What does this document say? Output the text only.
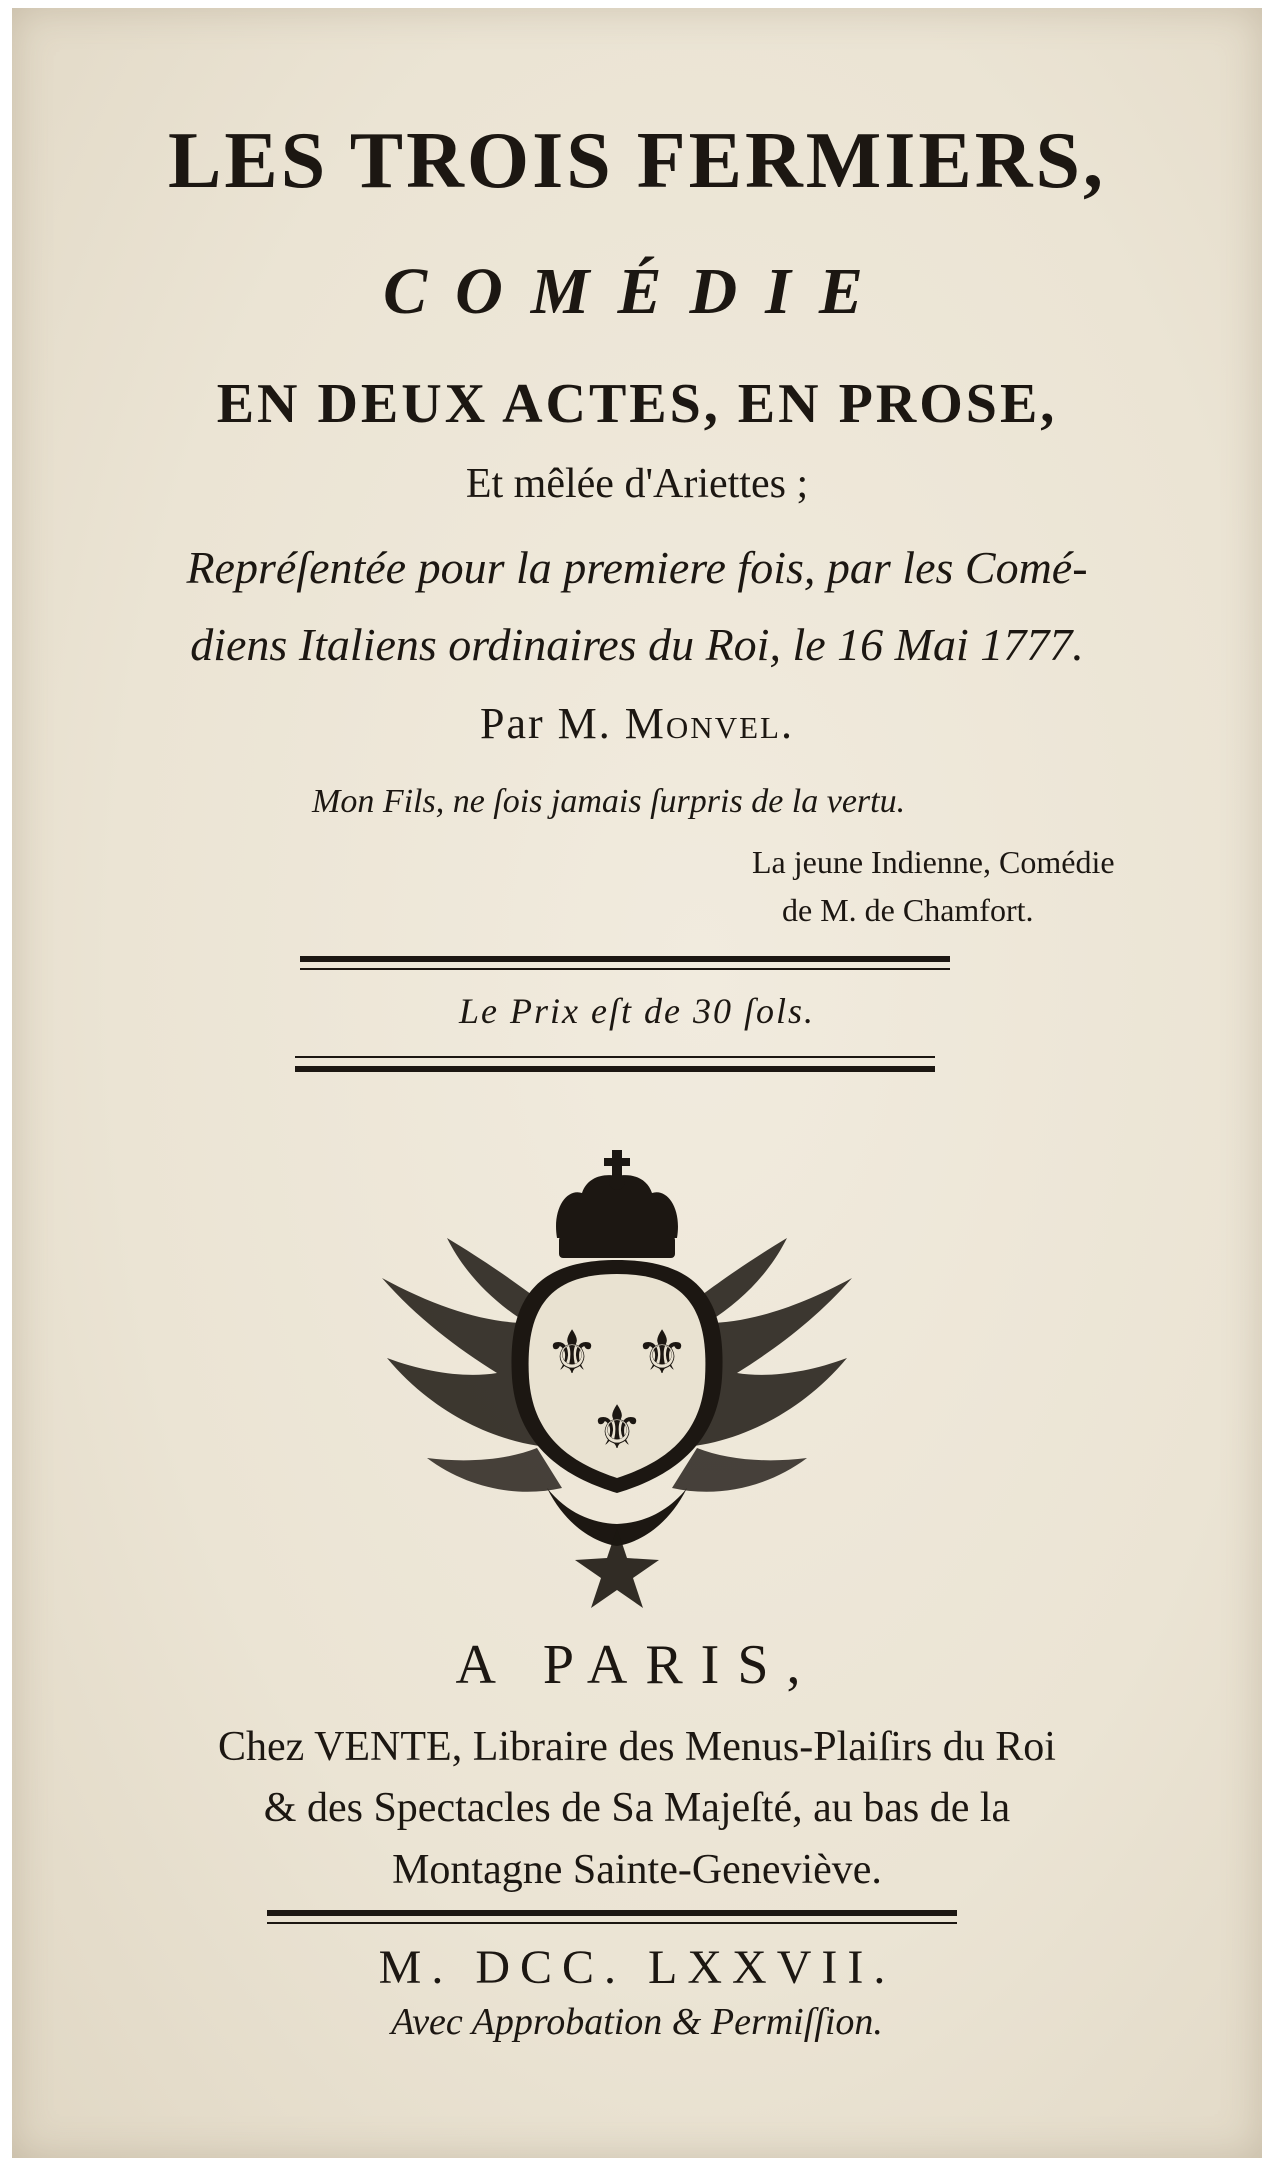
LES TROIS FERMIERS,
COMÉDIE
EN DEUX ACTES, EN PROSE,
Et mêlée d'Ariettes ;
Repréſentée pour la premiere fois, par les Comé-
diens Italiens ordinaires du Roi, le 16 Mai 1777.
Par M. Monvel.
Mon Fils, ne ſois jamais ſurpris de la vertu.
La jeune Indienne, Comédie
de M. de Chamfort.
Le Prix eſt de 30 ſols.
⚜ ⚜
⚜
A PARIS,
Chez VENTE, Libraire des Menus-Plaiſirs du Roi
& des Spectacles de Sa Majeſté, au bas de la
Montagne Sainte-Geneviève.
M. DCC. LXXVII.
Avec Approbation & Permiſſion.
